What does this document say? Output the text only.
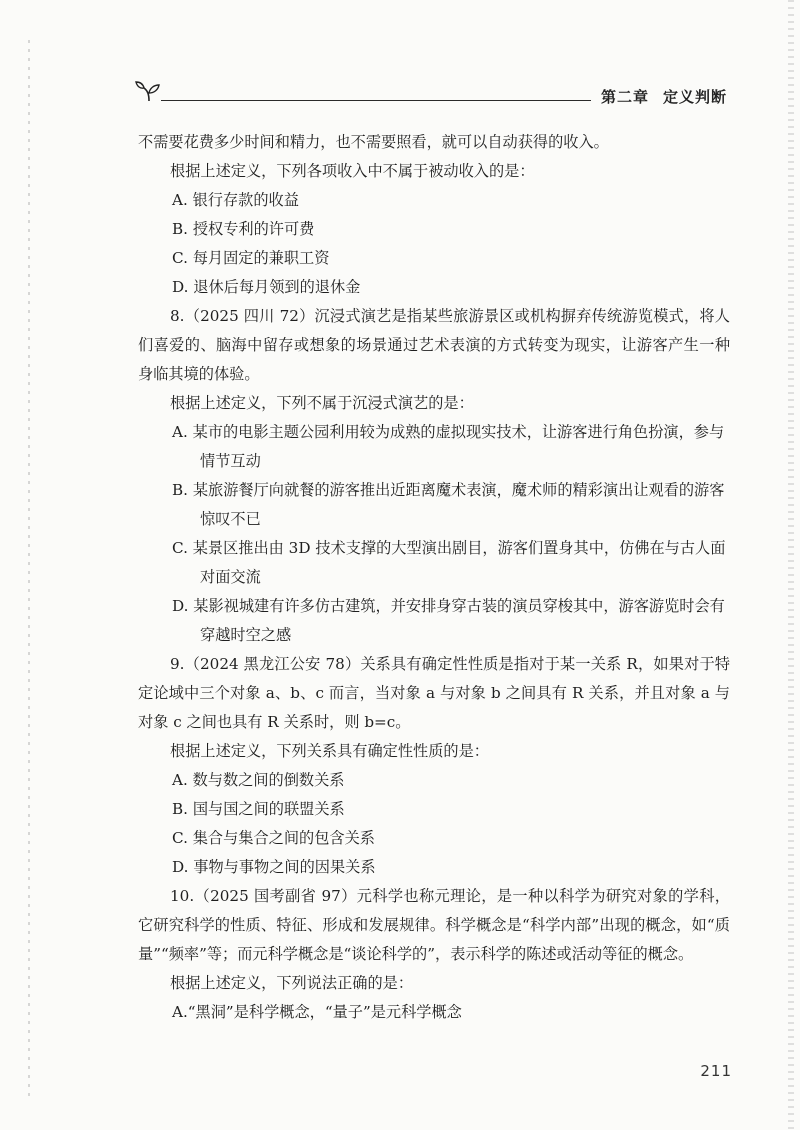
第二章 定义判断

不需要花费多少时间和精力，也不需要照看，就可以自动获得的收入。

根据上述定义，下列各项收入中不属于被动收入的是：

A. 银行存款的收益

B. 授权专利的许可费

C. 每月固定的兼职工资

D. 退休后每月领到的退休金

8.（2025 四川 72）沉浸式演艺是指某些旅游景区或机构摒弃传统游览模式，将人们喜爱的、脑海中留存或想象的场景通过艺术表演的方式转变为现实，让游客产生一种身临其境的体验。

根据上述定义，下列不属于沉浸式演艺的是：

A. 某市的电影主题公园利用较为成熟的虚拟现实技术，让游客进行角色扮演，参与情节互动

B. 某旅游餐厅向就餐的游客推出近距离魔术表演，魔术师的精彩演出让观看的游客惊叹不已

C. 某景区推出由 3D 技术支撑的大型演出剧目，游客们置身其中，仿佛在与古人面对面交流

D. 某影视城建有许多仿古建筑，并安排身穿古装的演员穿梭其中，游客游览时会有穿越时空之感

9.（2024 黑龙江公安 78）关系具有确定性性质是指对于某一关系 R，如果对于特定论域中三个对象 a、b、c 而言，当对象 a 与对象 b 之间具有 R 关系，并且对象 a 与对象 c 之间也具有 R 关系时，则 b=c。

根据上述定义，下列关系具有确定性性质的是：

A. 数与数之间的倒数关系

B. 国与国之间的联盟关系

C. 集合与集合之间的包含关系

D. 事物与事物之间的因果关系

10.（2025 国考副省 97）元科学也称元理论，是一种以科学为研究对象的学科，它研究科学的性质、特征、形成和发展规律。科学概念是“科学内部”出现的概念，如“质量”“频率”等；而元科学概念是“谈论科学的”，表示科学的陈述或活动等征的概念。

根据上述定义，下列说法正确的是：

A.“黑洞”是科学概念，“量子”是元科学概念

211
